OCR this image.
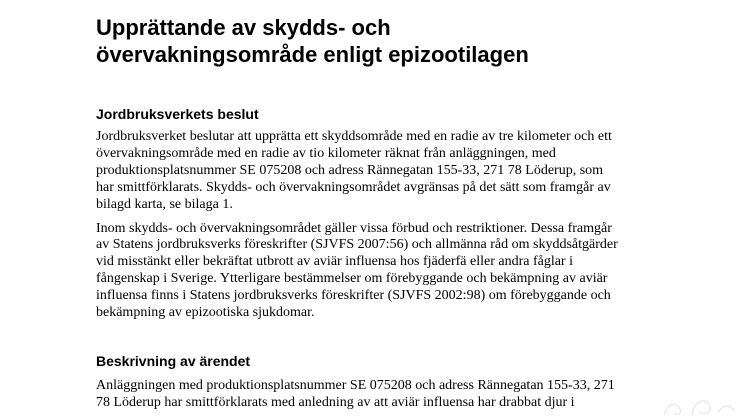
Upprättande av skydds- och
övervakningsområde enligt epizootilagen
Jordbruksverkets beslut

Jordbruksverket beslutar att upprätta ett skyddsområde med en radie av tre kilometer och ett
övervakningsområde med en radie av tio kilometer räknat från anläggningen, med
produktionsplatsnummer SE 075208 och adress Rännegatan 155-33, 271 78 Löderup, som
har smittförklarats. Skydds- och övervakningsområdet avgränsas på det sätt som framgår av
bilagd karta, se bilaga 1.

Inom skydds- och övervakningsområdet gäller vissa förbud och restriktioner. Dessa framgår
av Statens jordbruksverks föreskrifter (SJVFS 2007:56) och allmänna råd om skyddsåtgärder
vid misstänkt eller bekräftat utbrott av aviär influensa hos fjäderfä eller andra fåglar i
fångenskap i Sverige. Ytterligare bestämmelser om förebyggande och bekämpning av aviär
influensa finns i Statens jordbruksverks föreskrifter (SJVFS 2002:98) om förebyggande och
bekämpning av epizootiska sjukdomar.

Beskrivning av ärendet

Anläggningen med produktionsplatsnummer SE 075208 och adress Rännegatan 155-33, 271
78 Löderup har smittförklarats med anledning av att aviär influensa har drabbat djur i
